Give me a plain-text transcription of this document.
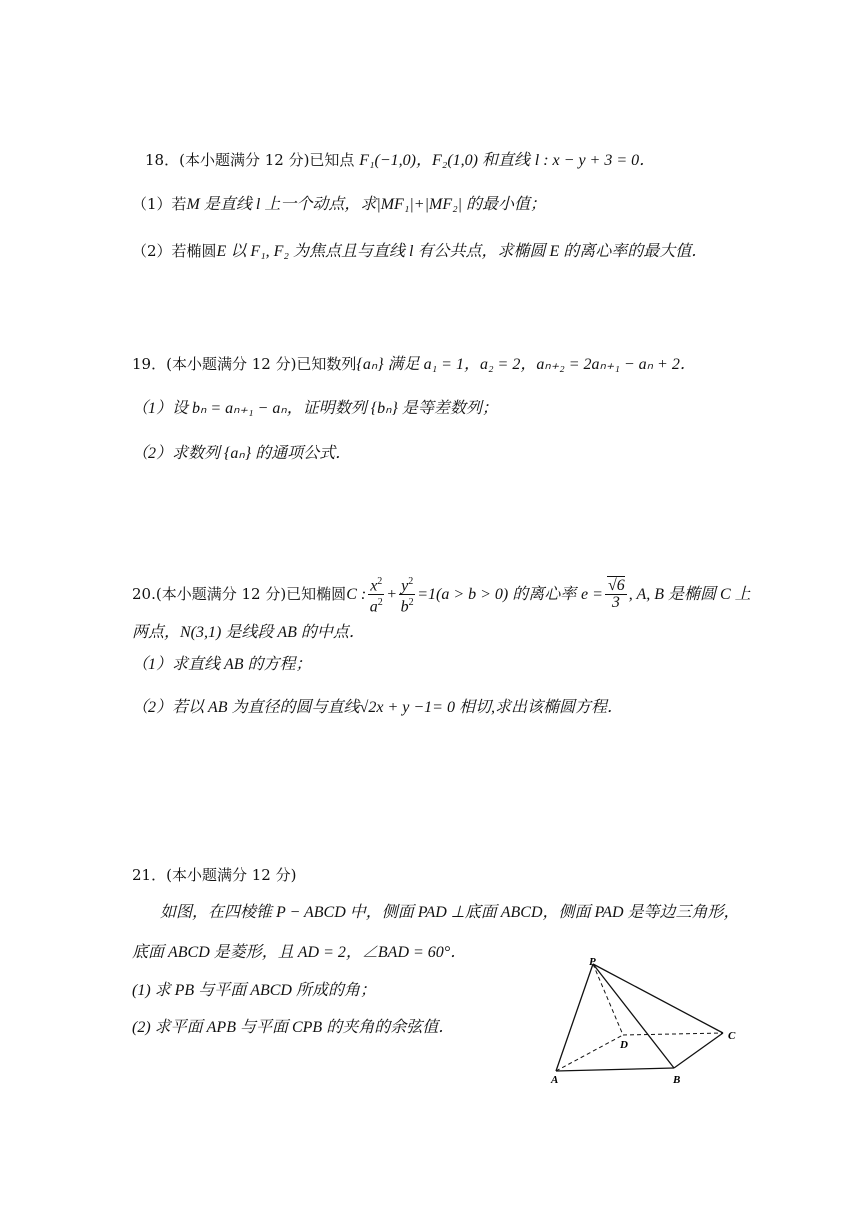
18．(本小题满分 12 分)已知点 F₁(−1,0)，F₂(1,0) 和直线 l : x − y + 3 = 0．
（1）若M 是直线 l 上一个动点，求|MF₁|+|MF₂| 的最小值；
（2）若椭圆E 以 F₁, F₂ 为焦点且与直线 l 有公共点，求椭圆 E 的离心率的最大值．
19．(本小题满分 12 分)已知数列{aₙ} 满足 a₁ = 1，a₂ = 2，aₙ₊₂ = 2aₙ₊₁ − aₙ + 2．
（1）设 bₙ = aₙ₊₁ − aₙ，证明数列 {bₙ} 是等差数列；
（2）求数列 {aₙ} 的通项公式．
20.(本小题满分 12 分)已知椭圆C : $\frac{x^2}{a^2} + \frac{y^2}{b^2} =1(a > b > 0)$ 的离心率 $e = \frac{√6}{3}$ , A, B 是椭圆 C 上
两点，N(3,1) 是线段 AB 的中点．
（1）求直线 AB 的方程；
（2）若以 AB 为直径的圆与直线√2x + y −1= 0 相切,求出该椭圆方程．
21．(本小题满分 12 分)
如图，在四棱锥 P − ABCD 中，侧面 PAD ⊥底面 ABCD，侧面 PAD 是等边三角形，
底面 ABCD 是菱形，且 AD = 2，∠BAD = 60°．
(1) 求 PB 与平面 ABCD 所成的角；
(2) 求平面 APB 与平面 CPB 的夹角的余弦值．
P
A	B
C
D
